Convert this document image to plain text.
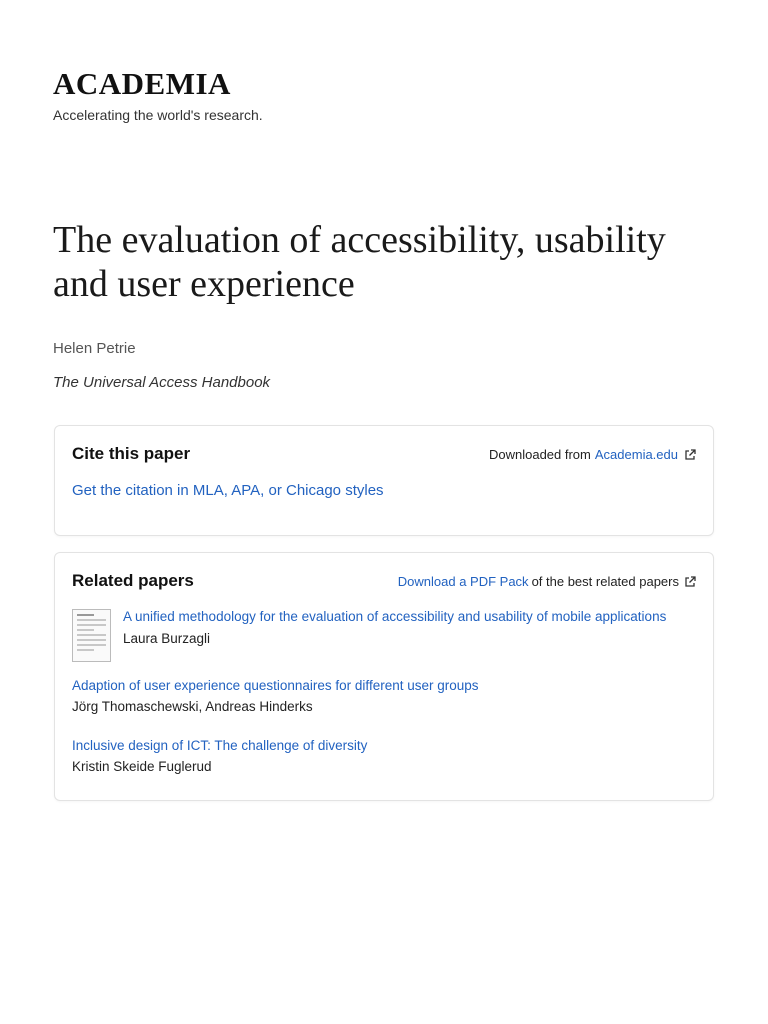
ACADEMIA
Accelerating the world's research.
The evaluation of accessibility, usability and user experience
Helen Petrie
The Universal Access Handbook
Cite this paper	Downloaded from Academia.edu
Get the citation in MLA, APA, or Chicago styles
Related papers	Download a PDF Pack of the best related papers
A unified methodology for the evaluation of accessibility and usability of mobile applications
Laura Burzagli
Adaption of user experience questionnaires for different user groups
Jörg Thomaschewski, Andreas Hinderks
Inclusive design of ICT: The challenge of diversity
Kristin Skeide Fuglerud
